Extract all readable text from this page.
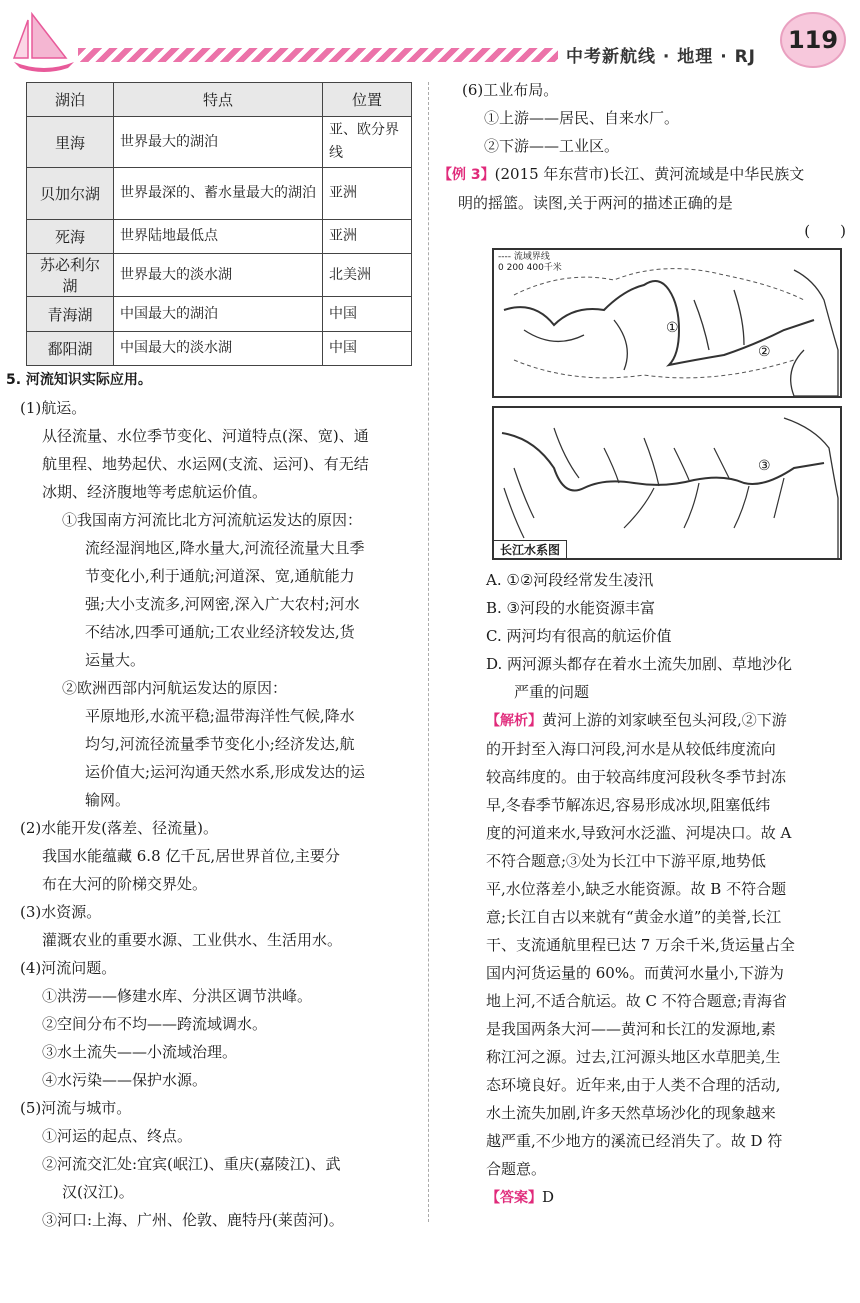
中考新航线 · 地理 · RJ
119
湖泊	特点	位置
里海	世界最大的湖泊	亚、欧分界线
贝加尔湖	世界最深的、蓄水量最大的湖泊	亚洲
死海	世界陆地最低点	亚洲
苏必利尔湖	世界最大的淡水湖	北美洲
青海湖	中国最大的湖泊	中国
鄱阳湖	中国最大的淡水湖	中国
5. 河流知识实际应用。
(1)航运。
从径流量、水位季节变化、河道特点(深、宽)、通
航里程、地势起伏、水运网(支流、运河)、有无结
冰期、经济腹地等考虑航运价值。
①我国南方河流比北方河流航运发达的原因：
流经湿润地区,降水量大,河流径流量大且季
节变化小,利于通航;河道深、宽,通航能力
强;大小支流多,河网密,深入广大农村;河水
不结冰,四季可通航;工农业经济较发达,货
运量大。
②欧洲西部内河航运发达的原因：
平原地形,水流平稳;温带海洋性气候,降水
均匀,河流径流量季节变化小;经济发达,航
运价值大;运河沟通天然水系,形成发达的运
输网。
(2)水能开发(落差、径流量)。
我国水能蕴藏 6.8 亿千瓦,居世界首位,主要分
布在大河的阶梯交界处。
(3)水资源。
灌溉农业的重要水源、工业供水、生活用水。
(4)河流问题。
①洪涝——修建水库、分洪区调节洪峰。
②空间分布不均——跨流域调水。
③水土流失——小流域治理。
④水污染——保护水源。
(5)河流与城市。
①河运的起点、终点。
②河流交汇处:宜宾(岷江)、重庆(嘉陵江)、武
汉(汉江)。
③河口:上海、广州、伦敦、鹿特丹(莱茵河)。
(6)工业布局。
①上游——居民、自来水厂。
②下游——工业区。
【例 3】(2015 年东营市)长江、黄河流域是中华民族文
明的摇篮。读图,关于两河的描述正确的是
(　　)
---- 流域界线
0 200 400千米
①
②
③
长江水系图
A. ①②河段经常发生凌汛
B. ③河段的水能资源丰富
C. 两河均有很高的航运价值
D. 两河源头都存在着水土流失加剧、草地沙化
严重的问题
【解析】黄河上游的刘家峡至包头河段,②下游
的开封至入海口河段,河水是从较低纬度流向
较高纬度的。由于较高纬度河段秋冬季节封冻
早,冬春季节解冻迟,容易形成冰坝,阻塞低纬
度的河道来水,导致河水泛滥、河堤决口。故 A
不符合题意;③处为长江中下游平原,地势低
平,水位落差小,缺乏水能资源。故 B 不符合题
意;长江自古以来就有“黄金水道”的美誉,长江
干、支流通航里程已达 7 万余千米,货运量占全
国内河货运量的 60%。而黄河水量小,下游为
地上河,不适合航运。故 C 不符合题意;青海省
是我国两条大河——黄河和长江的发源地,素
称江河之源。过去,江河源头地区水草肥美,生
态环境良好。近年来,由于人类不合理的活动,
水土流失加剧,许多天然草场沙化的现象越来
越严重,不少地方的溪流已经消失了。故 D 符
合题意。
【答案】D
